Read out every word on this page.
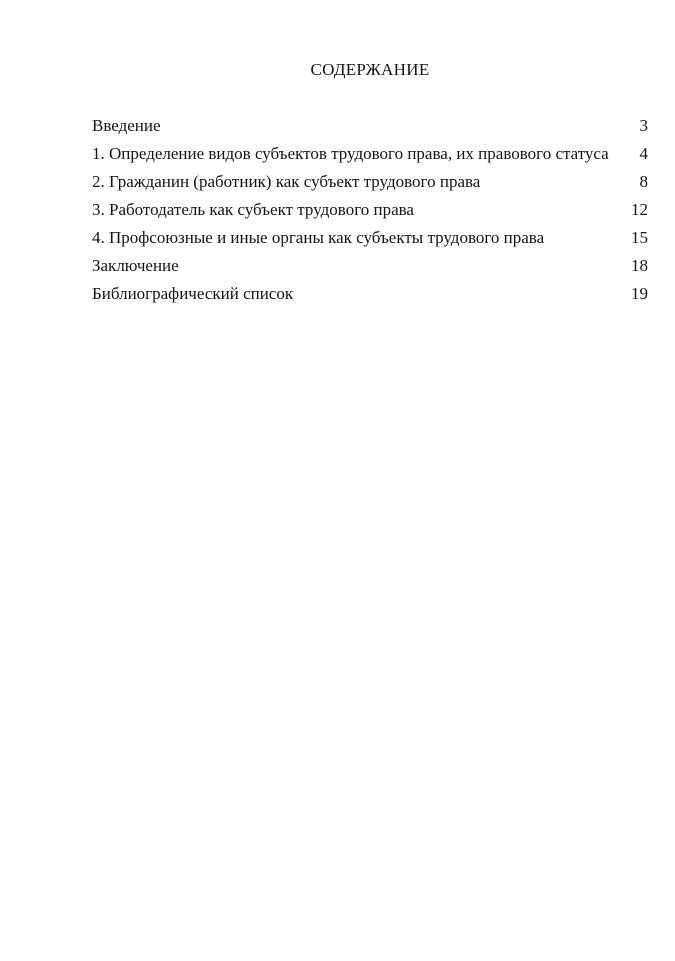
СОДЕРЖАНИЕ
Введение	3
1. Определение видов субъектов трудового права, их правового статуса	4
2. Гражданин (работник) как субъект трудового права	8
3. Работодатель как субъект трудового права	12
4. Профсоюзные и иные органы как субъекты трудового права	15
Заключение	18
Библиографический список	19
